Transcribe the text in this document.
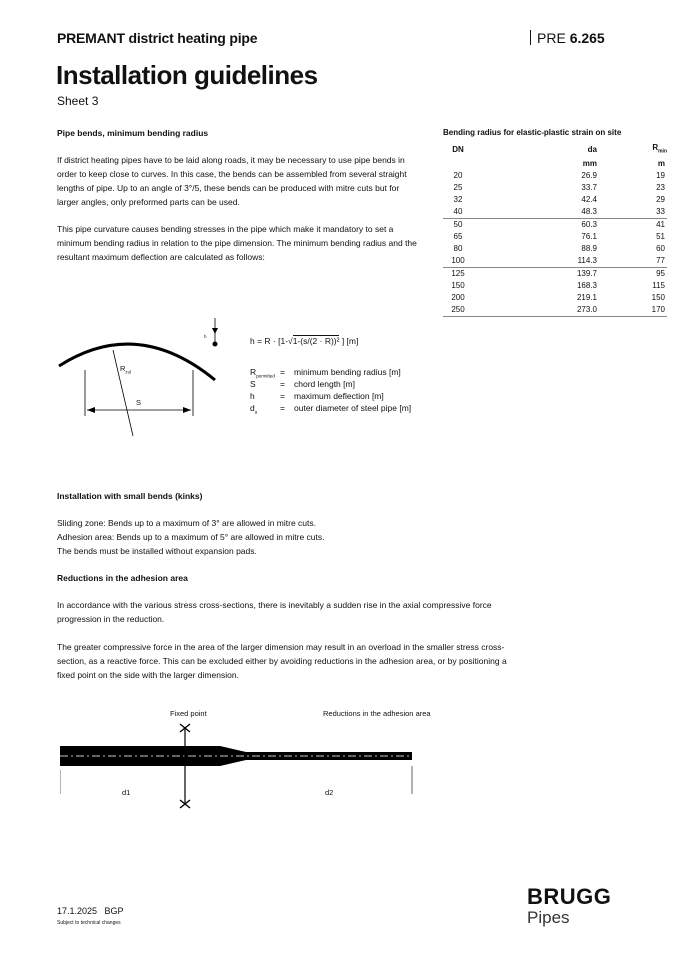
PREMANT district heating pipe	PRE 6.265
Installation guidelines
Sheet 3
Pipe bends, minimum bending radius
If district heating pipes have to be laid along roads, it may be necessary to use pipe bends in
order to keep close to curves. In this case, the bends can be assembled from several straight
lengths of pipe. Up to an angle of 3°/5, these bends can be produced with mitre cuts but for
larger angles, only preformed parts can be used.
This pipe curvature causes bending stresses in the pipe which make it mandatory to set a
minimum bending radius in relation to the pipe dimension. The minimum bending radius and the
resultant maximum deflection are calculated as follows:
Bending radius for elastic-plastic strain on site
DN	da	$R_{min}$
	mm	m
20	26.9	19
25	33.7	23
32	42.4	29
40	48.3	33
50	60.3	41
65	76.1	51
80	88.9	60
100	114.3	77
125	139.7	95
150	168.3	115
200	219.1	150
250	273.0	170
$R_{zul}$
S
h	h = R · [1-√1-(s/(2 · R))² ] [m]
$R_{permitted}$ = minimum bending radius [m]
S	= chord length [m]
h	= maximum deflection [m]
$d_a$	= outer diameter of steel pipe [m]
Installation with small bends (kinks)
Sliding zone: Bends up to a maximum of 3° are allowed in mitre cuts.
Adhesion area: Bends up to a maximum of 5° are allowed in mitre cuts.
The bends must be installed without expansion pads.
Reductions in the adhesion area
In accordance with the various stress cross-sections, there is inevitably a sudden rise in the axial compressive force
progression in the reduction.
The greater compressive force in the area of the larger dimension may result in an overload in the smaller stress cross-
section, as a reactive force. This can be excluded either by avoiding reductions in the adhesion area, or by positioning a
fixed point on the side with the larger dimension.
Fixed point	Reductions in the adhesion area
d1	d2
17.1.2025   BGP
Subject to technical changes
BRUGG
Pipes
